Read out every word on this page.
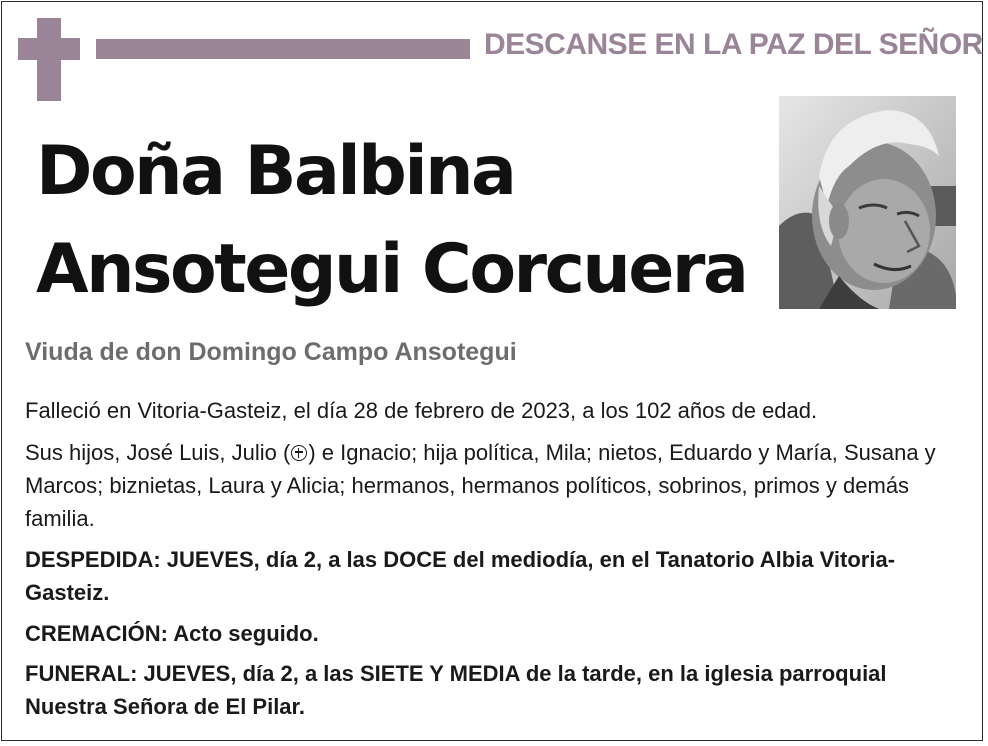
DESCANSE EN LA PAZ DEL SEÑOR
Doña Balbina
Ansotegui Corcuera
Viuda de don Domingo Campo Ansotegui
Falleció en Vitoria-Gasteiz, el día 28 de febrero de 2023, a los 102 años de edad.
Sus hijos, José Luis, Julio ( ) e Ignacio; hija política, Mila; nietos, Eduardo y María, Susana y Marcos; biznietas, Laura y Alicia; hermanos, hermanos políticos, sobrinos, primos y demás familia.
DESPEDIDA: JUEVES, día 2, a las DOCE del mediodía, en el Tanatorio Albia Vitoria-Gasteiz.
CREMACIÓN: Acto seguido.
FUNERAL: JUEVES, día 2, a las SIETE Y MEDIA de la tarde, en la iglesia parroquial Nuestra Señora de El Pilar.
